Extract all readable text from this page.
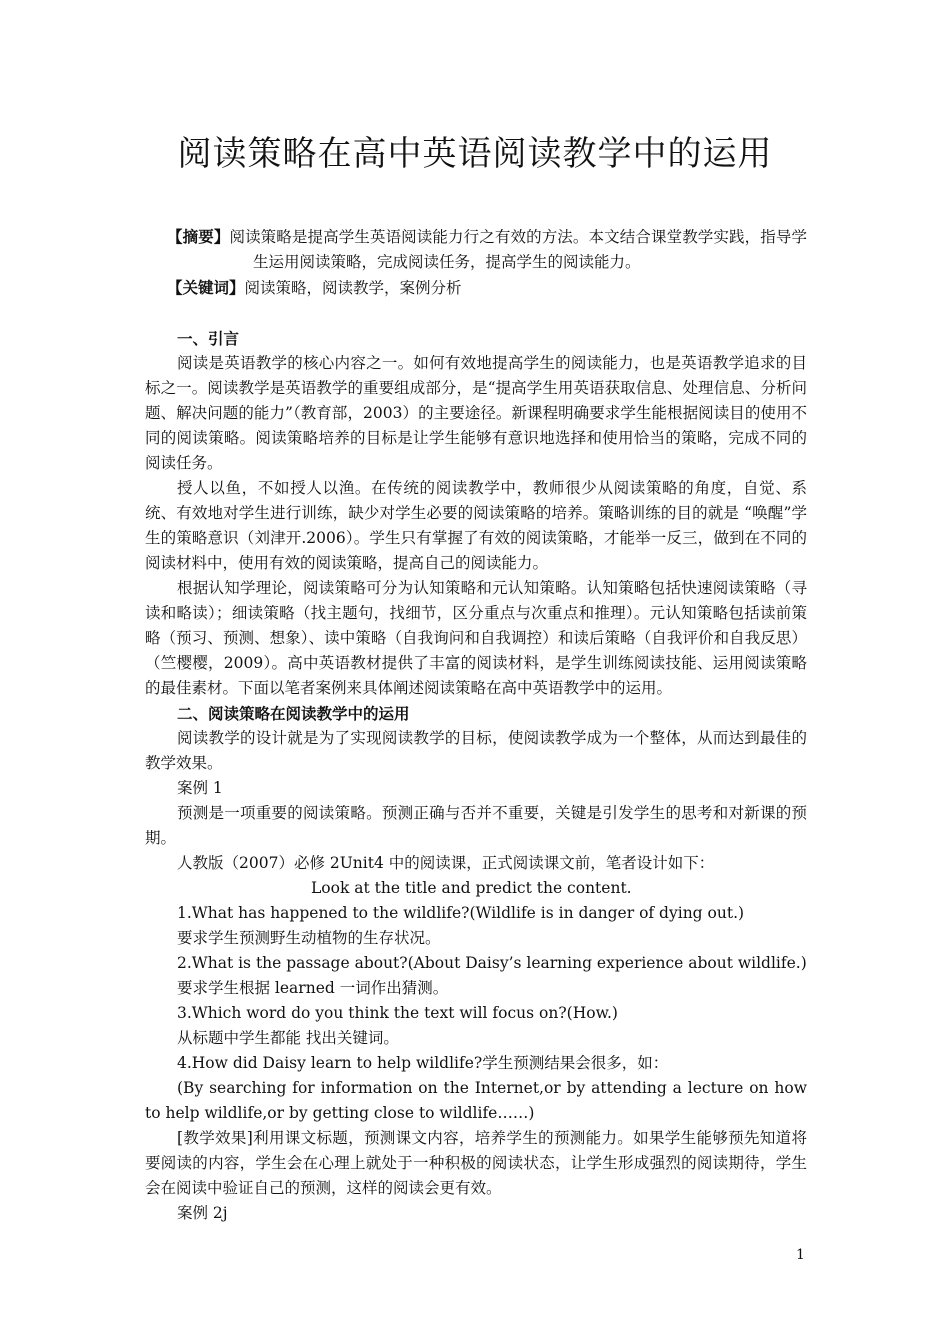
阅读策略在高中英语阅读教学中的运用

【摘要】阅读策略是提高学生英语阅读能力行之有效的方法。本文结合课堂教学实践，指导学生运用阅读策略，完成阅读任务，提高学生的阅读能力。

【关键词】阅读策略，阅读教学，案例分析

一、引言

阅读是英语教学的核心内容之一。如何有效地提高学生的阅读能力，也是英语教学追求的目标之一。阅读教学是英语教学的重要组成部分，是“提高学生用英语获取信息、处理信息、分析问题、解决问题的能力”（教育部，2003）的主要途径。新课程明确要求学生能根据阅读目的使用不同的阅读策略。阅读策略培养的目标是让学生能够有意识地选择和使用恰当的策略，完成不同的阅读任务。

授人以鱼，不如授人以渔。在传统的阅读教学中，教师很少从阅读策略的角度，自觉、系统、有效地对学生进行训练，缺少对学生必要的阅读策略的培养。策略训练的目的就是 “唤醒”学生的策略意识（刘津开.2006）。学生只有掌握了有效的阅读策略，才能举一反三，做到在不同的阅读材料中，使用有效的阅读策略，提高自己的阅读能力。

根据认知学理论，阅读策略可分为认知策略和元认知策略。认知策略包括快速阅读策略（寻读和略读）；细读策略（找主题句，找细节，区分重点与次重点和推理）。元认知策略包括读前策略（预习、预测、想象）、读中策略（自我询问和自我调控）和读后策略（自我评价和自我反思）（竺樱樱，2009）。高中英语教材提供了丰富的阅读材料，是学生训练阅读技能、运用阅读策略的最佳素材。下面以笔者案例来具体阐述阅读策略在高中英语教学中的运用。

二、阅读策略在阅读教学中的运用

阅读教学的设计就是为了实现阅读教学的目标，使阅读教学成为一个整体，从而达到最佳的教学效果。

案例 1

预测是一项重要的阅读策略。预测正确与否并不重要，关键是引发学生的思考和对新课的预期。

人教版（2007）必修 2Unit4 中的阅读课，正式阅读课文前，笔者设计如下：

Look at the title and predict the content.

1.What has happened to the wildlife?(Wildlife is in danger of dying out.)

要求学生预测野生动植物的生存状况。

2.What is the passage about?(About Daisy’s learning experience about wildlife.)

要求学生根据 learned 一词作出猜测。

3.Which word do you think the text will focus on?(How.)

从标题中学生都能 找出关键词。

4.How did Daisy learn to help wildlife?学生预测结果会很多，如：

(By searching for information on the Internet,or by attending a lecture on how to help wildlife,or by getting close to wildlife……)

[教学效果]利用课文标题，预测课文内容，培养学生的预测能力。如果学生能够预先知道将要阅读的内容，学生会在心理上就处于一种积极的阅读状态，让学生形成强烈的阅读期待，学生会在阅读中验证自己的预测，这样的阅读会更有效。

案例 2j

1
